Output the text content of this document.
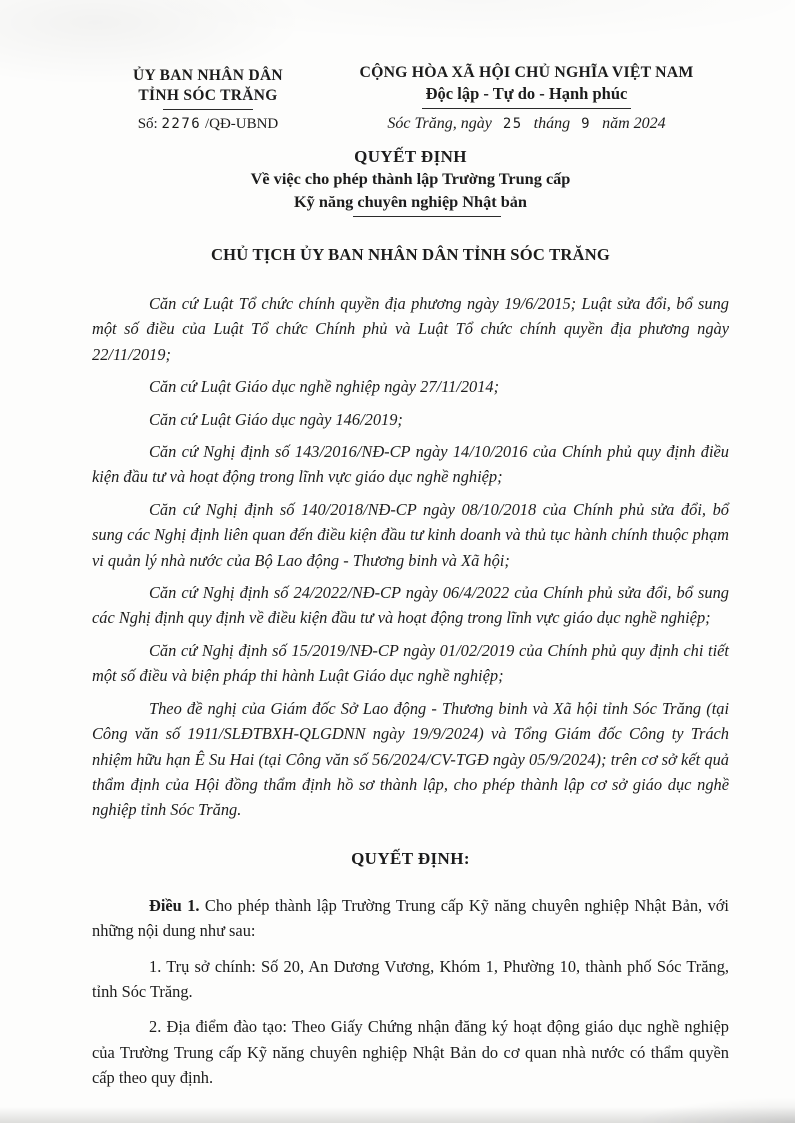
ỦY BAN NHÂN DÂN
TỈNH SÓC TRĂNG
Số: 2276 /QĐ-UBND
CỘNG HÒA XÃ HỘI CHỦ NGHĨA VIỆT NAM
Độc lập - Tự do - Hạnh phúc
Sóc Trăng, ngày 25 tháng 9 năm 2024
QUYẾT ĐỊNH
Về việc cho phép thành lập Trường Trung cấp
Kỹ năng chuyên nghiệp Nhật bản
CHỦ TỊCH ỦY BAN NHÂN DÂN TỈNH SÓC TRĂNG

Căn cứ Luật Tổ chức chính quyền địa phương ngày 19/6/2015; Luật sửa đổi, bổ sung một số điều của Luật Tổ chức Chính phủ và Luật Tổ chức chính quyền địa phương ngày 22/11/2019;

Căn cứ Luật Giáo dục nghề nghiệp ngày 27/11/2014;

Căn cứ Luật Giáo dục ngày 146/2019;

Căn cứ Nghị định số 143/2016/NĐ-CP ngày 14/10/2016 của Chính phủ quy định điều kiện đầu tư và hoạt động trong lĩnh vực giáo dục nghề nghiệp;

Căn cứ Nghị định số 140/2018/NĐ-CP ngày 08/10/2018 của Chính phủ sửa đổi, bổ sung các Nghị định liên quan đến điều kiện đầu tư kinh doanh và thủ tục hành chính thuộc phạm vi quản lý nhà nước của Bộ Lao động - Thương binh và Xã hội;

Căn cứ Nghị định số 24/2022/NĐ-CP ngày 06/4/2022 của Chính phủ sửa đổi, bổ sung các Nghị định quy định về điều kiện đầu tư và hoạt động trong lĩnh vực giáo dục nghề nghiệp;

Căn cứ Nghị định số 15/2019/NĐ-CP ngày 01/02/2019 của Chính phủ quy định chi tiết một số điều và biện pháp thi hành Luật Giáo dục nghề nghiệp;

Theo đề nghị của Giám đốc Sở Lao động - Thương binh và Xã hội tỉnh Sóc Trăng (tại Công văn số 1911/SLĐTBXH-QLGDNN ngày 19/9/2024) và Tổng Giám đốc Công ty Trách nhiệm hữu hạn Ê Su Hai (tại Công văn số 56/2024/CV-TGĐ ngày 05/9/2024); trên cơ sở kết quả thẩm định của Hội đồng thẩm định hồ sơ thành lập, cho phép thành lập cơ sở giáo dục nghề nghiệp tỉnh Sóc Trăng.

QUYẾT ĐỊNH:

Điều 1. Cho phép thành lập Trường Trung cấp Kỹ năng chuyên nghiệp Nhật Bản, với những nội dung như sau:

1. Trụ sở chính: Số 20, An Dương Vương, Khóm 1, Phường 10, thành phố Sóc Trăng, tỉnh Sóc Trăng.

2. Địa điểm đào tạo: Theo Giấy Chứng nhận đăng ký hoạt động giáo dục nghề nghiệp của Trường Trung cấp Kỹ năng chuyên nghiệp Nhật Bản do cơ quan nhà nước có thẩm quyền cấp theo quy định.
